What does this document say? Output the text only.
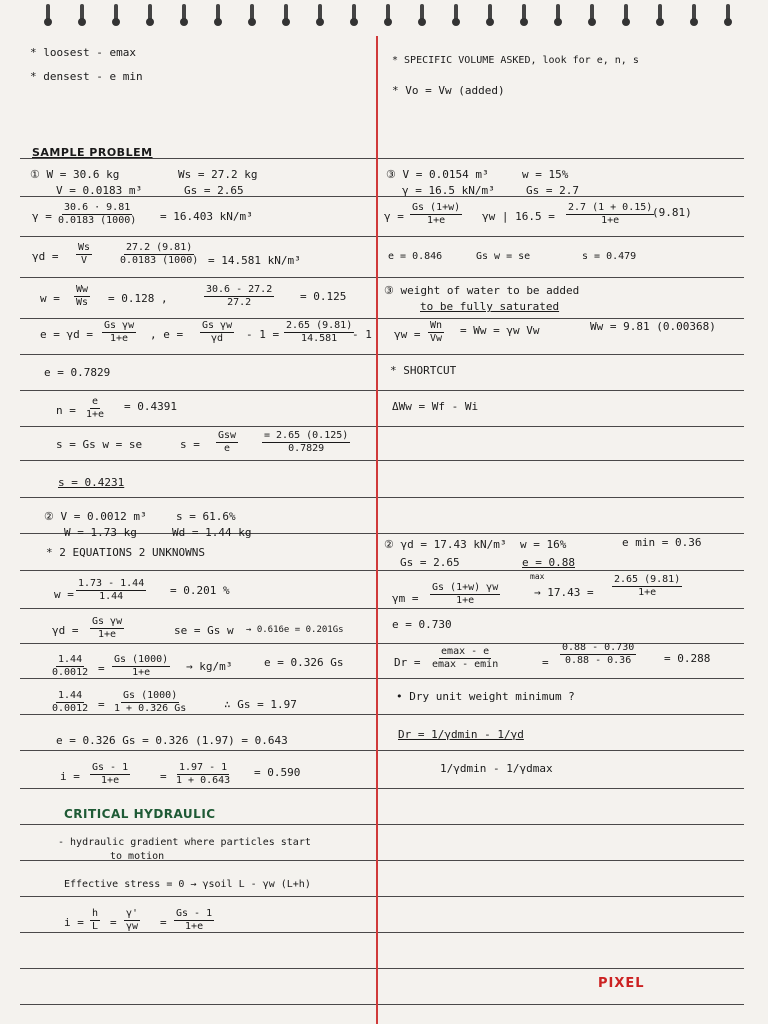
* loosest - emax
* densest - e min
* SPECIFIC VOLUME ASKED, look for e, n, s
* Vo = Vw (added)
SAMPLE PROBLEM
① W = 30.6 kg	Ws = 27.2 kg
V = 0.0183 m³	Gs = 2.65
$\gamma = \frac{30.6 \cdot 9.81}{0.0183 (1000)} = 16.403$ kN/m³
$\gamma d = \frac{Ws}{V}$	$\frac{27.2 (9.81)}{0.0183 (1000)} = 14.581$ kN/m³
$w = \frac{Ww}{Ws} = 0.128$ ,	$\frac{30.6 - 27.2}{27.2} = 0.125$
$e = \gamma d = \frac{\text{Gs γw}}{1+e}$ , $e = \frac{\text{Gs γw}}{\gamma d} - 1 = \frac{2.65 (9.81)}{14.581}$
- 1
e = 0.7829
$n = \frac{e}{1+e} = 0.4391$
s = Gs w = se	s =
Gsw
e	$\frac{= 2.65 (0.125)}{0.7829}$
s = 0.4231
② V = 0.0012 m³	s = 61.6%
W = 1.73 kg	Wd = 1.44 kg
* 2 EQUATIONS 2 UNKNOWNS
$w = \frac{1.73 - 1.44}{1.44} = 0.201$ %
$\gamma d = \frac{\text{Gs γw}}{1+e}$	se = Gs w → 0.616e = 0.201Gs
$\frac{1.44}{0.0012} = \frac{Gs (1000)}{1+e} \to kg/m^3$	e = 0.326 Gs
$\frac{1.44}{0.0012} = \frac{Gs (1000)}{1 + 0.326 Gs}$	∴ Gs = 1.97
e = 0.326 Gs = 0.326 (1.97) = 0.643
$i = \frac{Gs - 1}{1+e}$	= $\frac{1.97 - 1}{1 + 0.643} = 0.590$
CRITICAL HYDRAULIC
- hydraulic gradient where particles start
to motion
Effective stress = 0 → γsoil L - γw (L+h)
$i = \frac{h}{L} = \frac{\gamma'}{\gamma w} = \frac{Gs - 1}{1+e}$
③ V = 0.0154 m³	w = 15%
γ = 16.5 kN/m³	Gs = 2.7
$\gamma = \frac{Gs (1+w)}{1+e}$ γw | $16.5 = \frac{2.7 (1 + 0.15)}{1+e}$
(9.81)
e = 0.846	Gs w = se	s = 0.479
③ weight of water to be added
to be fully saturated
$\gamma w = \frac{Wn}{Vw} = Ww = \gamma w$ Vw	Ww = 9.81 (0.00368)
* SHORTCUT
ΔWw = Wf - Wi
② γd = 17.43 kN/m³ w = 16%	e min = 0.36
Gs = 2.65	e = 0.88
$\gamma m = \frac{Gs (1+w) \gamma w}{1+e}$
max
→ $17.43 = \frac{2.65 (9.81)}{1+e}$
e = 0.730
Dr =
emax - e
emax - emin	= $\frac{0.88 - 0.730}{0.88 - 0.36}$	= 0.288
• Dry unit weight minimum ?
Dr = 1/γdmin - 1/γd
1/γdmin - 1/γdmax
PIXEL
